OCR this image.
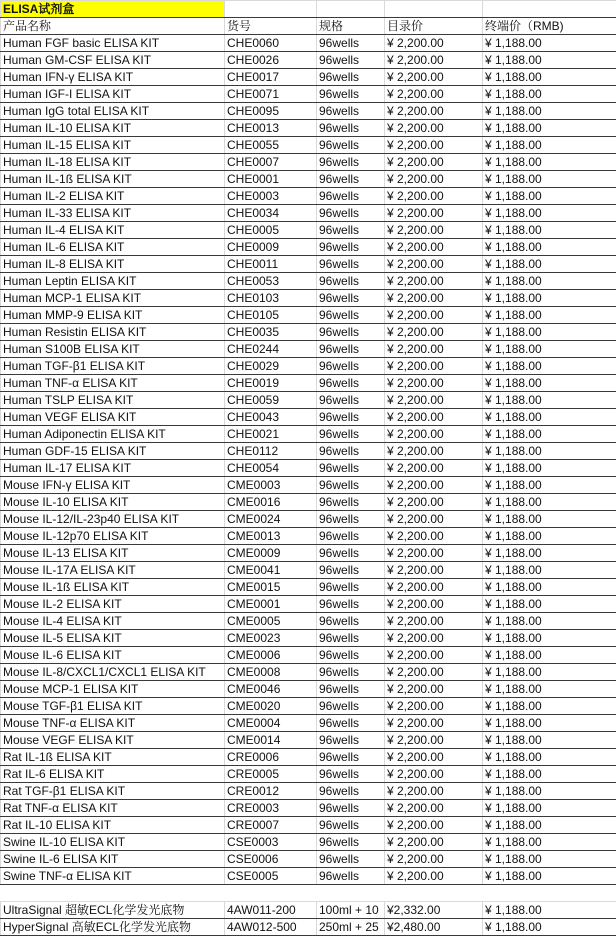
ELISA试剂盒				
产品名称	货号	规格	目录价	终端价（RMB)
Human FGF basic ELISA KIT	CHE0060	96wells	¥ 2,200.00	¥ 1,188.00
Human GM-CSF ELISA KIT	CHE0026	96wells	¥ 2,200.00	¥ 1,188.00
Human IFN-γ ELISA KIT	CHE0017	96wells	¥ 2,200.00	¥ 1,188.00
Human IGF-I ELISA KIT	CHE0071	96wells	¥ 2,200.00	¥ 1,188.00
Human IgG total ELISA KIT	CHE0095	96wells	¥ 2,200.00	¥ 1,188.00
Human IL-10 ELISA KIT	CHE0013	96wells	¥ 2,200.00	¥ 1,188.00
Human IL-15 ELISA KIT	CHE0055	96wells	¥ 2,200.00	¥ 1,188.00
Human IL-18 ELISA KIT	CHE0007	96wells	¥ 2,200.00	¥ 1,188.00
Human IL-1ß ELISA KIT	CHE0001	96wells	¥ 2,200.00	¥ 1,188.00
Human IL-2 ELISA KIT	CHE0003	96wells	¥ 2,200.00	¥ 1,188.00
Human IL-33 ELISA KIT	CHE0034	96wells	¥ 2,200.00	¥ 1,188.00
Human IL-4 ELISA KIT	CHE0005	96wells	¥ 2,200.00	¥ 1,188.00
Human IL-6 ELISA KIT	CHE0009	96wells	¥ 2,200.00	¥ 1,188.00
Human IL-8 ELISA KIT	CHE0011	96wells	¥ 2,200.00	¥ 1,188.00
Human Leptin ELISA KIT	CHE0053	96wells	¥ 2,200.00	¥ 1,188.00
Human MCP-1 ELISA KIT	CHE0103	96wells	¥ 2,200.00	¥ 1,188.00
Human MMP-9 ELISA KIT	CHE0105	96wells	¥ 2,200.00	¥ 1,188.00
Human Resistin ELISA KIT	CHE0035	96wells	¥ 2,200.00	¥ 1,188.00
Human S100B ELISA KIT	CHE0244	96wells	¥ 2,200.00	¥ 1,188.00
Human TGF-β1 ELISA KIT	CHE0029	96wells	¥ 2,200.00	¥ 1,188.00
Human TNF-α ELISA KIT	CHE0019	96wells	¥ 2,200.00	¥ 1,188.00
Human TSLP ELISA KIT	CHE0059	96wells	¥ 2,200.00	¥ 1,188.00
Human VEGF ELISA KIT	CHE0043	96wells	¥ 2,200.00	¥ 1,188.00
Human Adiponectin ELISA KIT	CHE0021	96wells	¥ 2,200.00	¥ 1,188.00
Human GDF-15 ELISA KIT	CHE0112	96wells	¥ 2,200.00	¥ 1,188.00
Human IL-17 ELISA KIT	CHE0054	96wells	¥ 2,200.00	¥ 1,188.00
Mouse IFN-γ ELISA KIT	CME0003	96wells	¥ 2,200.00	¥ 1,188.00
Mouse IL-10 ELISA KIT	CME0016	96wells	¥ 2,200.00	¥ 1,188.00
Mouse IL-12/IL-23p40 ELISA KIT	CME0024	96wells	¥ 2,200.00	¥ 1,188.00
Mouse IL-12p70 ELISA KIT	CME0013	96wells	¥ 2,200.00	¥ 1,188.00
Mouse IL-13 ELISA KIT	CME0009	96wells	¥ 2,200.00	¥ 1,188.00
Mouse IL-17A ELISA KIT	CME0041	96wells	¥ 2,200.00	¥ 1,188.00
Mouse IL-1ß ELISA KIT	CME0015	96wells	¥ 2,200.00	¥ 1,188.00
Mouse IL-2 ELISA KIT	CME0001	96wells	¥ 2,200.00	¥ 1,188.00
Mouse IL-4 ELISA KIT	CME0005	96wells	¥ 2,200.00	¥ 1,188.00
Mouse IL-5 ELISA KIT	CME0023	96wells	¥ 2,200.00	¥ 1,188.00
Mouse IL-6 ELISA KIT	CME0006	96wells	¥ 2,200.00	¥ 1,188.00
Mouse IL-8/CXCL1/CXCL1 ELISA KIT	CME0008	96wells	¥ 2,200.00	¥ 1,188.00
Mouse MCP-1 ELISA KIT	CME0046	96wells	¥ 2,200.00	¥ 1,188.00
Mouse TGF-β1 ELISA KIT	CME0020	96wells	¥ 2,200.00	¥ 1,188.00
Mouse TNF-α ELISA KIT	CME0004	96wells	¥ 2,200.00	¥ 1,188.00
Mouse VEGF ELISA KIT	CME0014	96wells	¥ 2,200.00	¥ 1,188.00
Rat IL-1ß ELISA KIT	CRE0006	96wells	¥ 2,200.00	¥ 1,188.00
Rat IL-6 ELISA KIT	CRE0005	96wells	¥ 2,200.00	¥ 1,188.00
Rat TGF-β1 ELISA KIT	CRE0012	96wells	¥ 2,200.00	¥ 1,188.00
Rat TNF-α ELISA KIT	CRE0003	96wells	¥ 2,200.00	¥ 1,188.00
Rat IL-10 ELISA KIT	CRE0007	96wells	¥ 2,200.00	¥ 1,188.00
Swine IL-10 ELISA KIT	CSE0003	96wells	¥ 2,200.00	¥ 1,188.00
Swine IL-6 ELISA KIT	CSE0006	96wells	¥ 2,200.00	¥ 1,188.00
Swine TNF-α ELISA KIT	CSE0005	96wells	¥ 2,200.00	¥ 1,188.00

UltraSignal 超敏ECL化学发光底物	4AW011-200	100ml + 10	¥2,332.00	¥ 1,188.00
HyperSignal 高敏ECL化学发光底物	4AW012-500	250ml + 25	¥2,480.00	¥ 1,188.00
